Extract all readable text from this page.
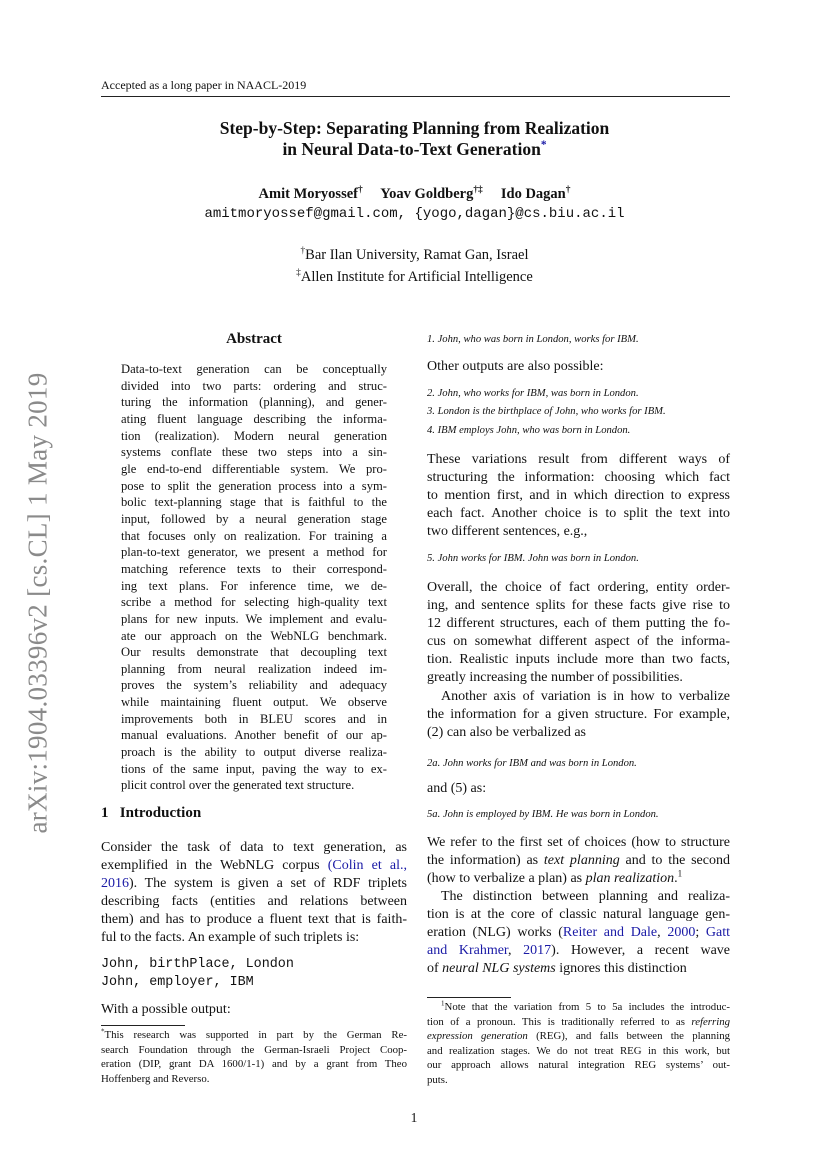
Accepted as a long paper in NAACL-2019
arXiv:1904.03396v2 [cs.CL] 1 May 2019
Step-by-Step: Separating Planning from Realization
in Neural Data-to-Text Generation*
Amit Moryossef† Yoav Goldberg†‡ Ido Dagan†
amitmoryossef@gmail.com, {yogo,dagan}@cs.biu.ac.il
†Bar Ilan University, Ramat Gan, Israel
‡Allen Institute for Artificial Intelligence
Abstract
Data-to-text generation can be conceptually
divided into two parts: ordering and struc-
turing the information (planning), and gener-
ating fluent language describing the informa-
tion (realization). Modern neural generation
systems conflate these two steps into a sin-
gle end-to-end differentiable system. We pro-
pose to split the generation process into a sym-
bolic text-planning stage that is faithful to the
input, followed by a neural generation stage
that focuses only on realization. For training a
plan-to-text generator, we present a method for
matching reference texts to their correspond-
ing text plans. For inference time, we de-
scribe a method for selecting high-quality text
plans for new inputs. We implement and evalu-
ate our approach on the WebNLG benchmark.
Our results demonstrate that decoupling text
planning from neural realization indeed im-
proves the system’s reliability and adequacy
while maintaining fluent output. We observe
improvements both in BLEU scores and in
manual evaluations. Another benefit of our ap-
proach is the ability to output diverse realiza-
tions of the same input, paving the way to ex-
plicit control over the generated text structure.
1 Introduction
Consider the task of data to text generation, as
exemplified in the WebNLG corpus (Colin et al.,
2016). The system is given a set of RDF triplets
describing facts (entities and relations between
them) and has to produce a fluent text that is faith-
ful to the facts. An example of such triplets is:
John, birthPlace, London
John, employer, IBM
With a possible output:
*This research was supported in part by the German Re-
search Foundation through the German-Israeli Project Coop-
eration (DIP, grant DA 1600/1-1) and by a grant from Theo
Hoffenberg and Reverso.
1. John, who was born in London, works for IBM.
Other outputs are also possible:
2. John, who works for IBM, was born in London.
3. London is the birthplace of John, who works for IBM.
4. IBM employs John, who was born in London.
These variations result from different ways of
structuring the information: choosing which fact
to mention first, and in which direction to express
each fact. Another choice is to split the text into
two different sentences, e.g.,
5. John works for IBM. John was born in London.
Overall, the choice of fact ordering, entity order-
ing, and sentence splits for these facts give rise to
12 different structures, each of them putting the fo-
cus on somewhat different aspect of the informa-
tion. Realistic inputs include more than two facts,
greatly increasing the number of possibilities.
Another axis of variation is in how to verbalize
the information for a given structure. For example,
(2) can also be verbalized as
2a. John works for IBM and was born in London.
and (5) as:
5a. John is employed by IBM. He was born in London.
We refer to the first set of choices (how to structure
the information) as text planning and to the second
(how to verbalize a plan) as plan realization.$^1$
The distinction between planning and realiza-
tion is at the core of classic natural language gen-
eration (NLG) works (Reiter and Dale, 2000; Gatt
and Krahmer, 2017). However, a recent wave
of neural NLG systems ignores this distinction
$^1$Note that the variation from 5 to 5a includes the introduc-
tion of a pronoun. This is traditionally referred to as referring
expression generation (REG), and falls between the planning
and realization stages. We do not treat REG in this work, but
our approach allows natural integration REG systems’ out-
puts.
1
